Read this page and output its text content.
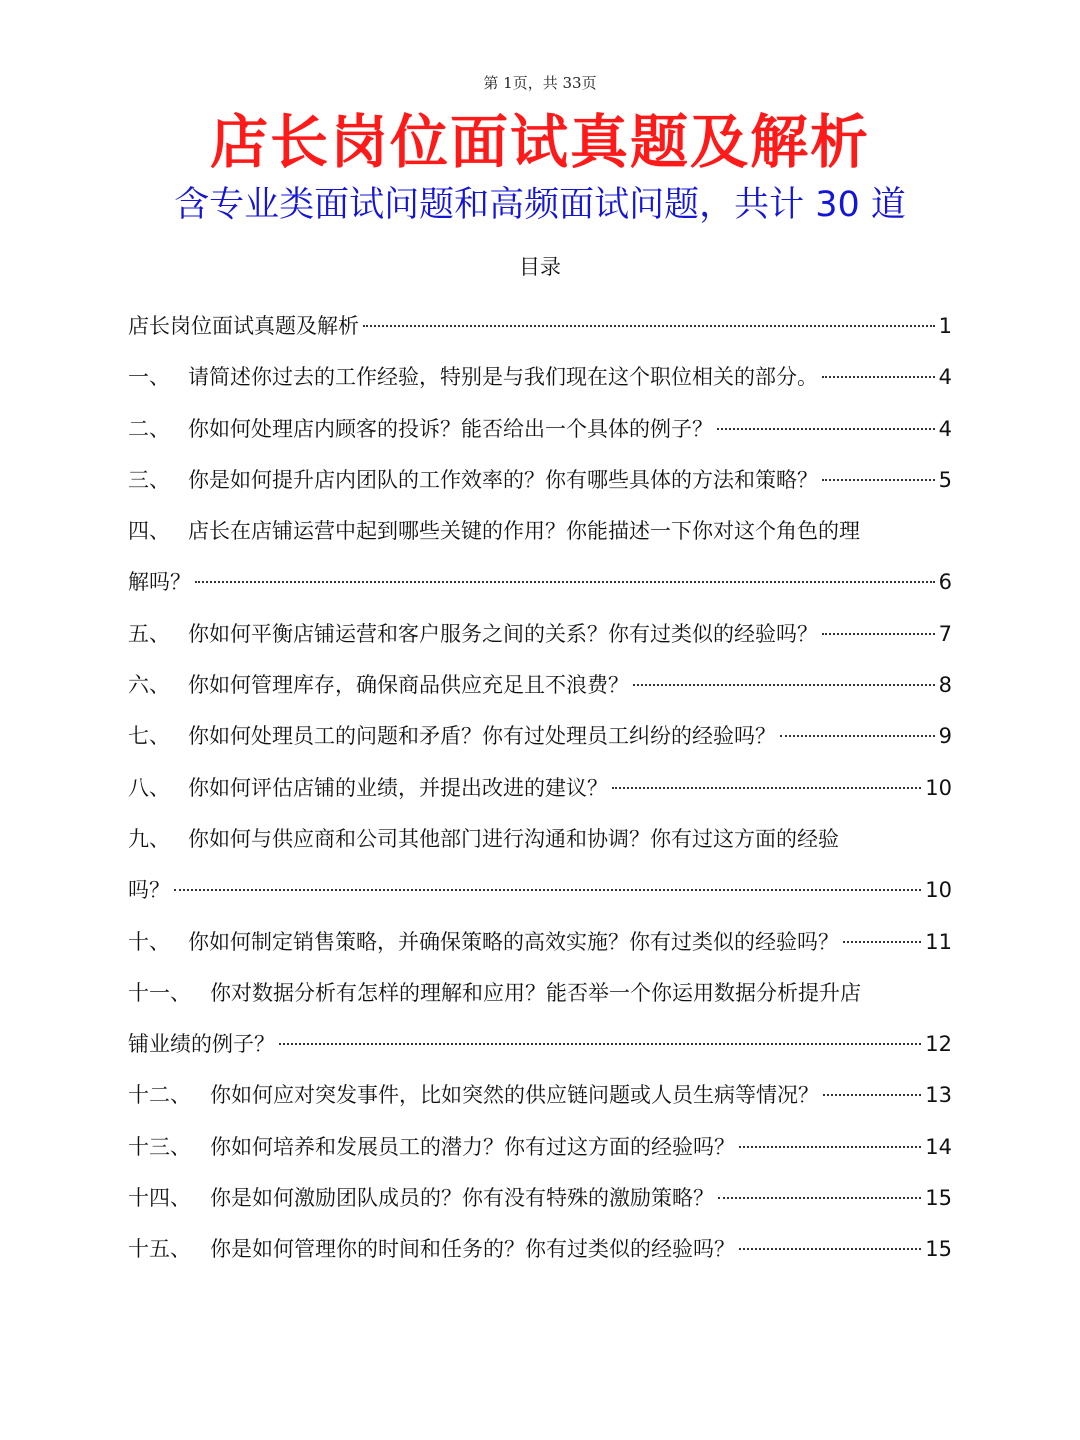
第 1页，共 33页
店长岗位面试真题及解析
含专业类面试问题和高频面试问题，共计 30 道
目录
店长岗位面试真题及解析	1
一、 请简述你过去的工作经验，特别是与我们现在这个职位相关的部分。	4
二、 你如何处理店内顾客的投诉？能否给出一个具体的例子？	4
三、 你是如何提升店内团队的工作效率的？你有哪些具体的方法和策略？	5
四、 店长在店铺运营中起到哪些关键的作用？你能描述一下你对这个角色的理
解吗？	6
五、 你如何平衡店铺运营和客户服务之间的关系？你有过类似的经验吗？	7
六、 你如何管理库存，确保商品供应充足且不浪费？	8
七、 你如何处理员工的问题和矛盾？你有过处理员工纠纷的经验吗？	9
八、 你如何评估店铺的业绩，并提出改进的建议？	10
九、 你如何与供应商和公司其他部门进行沟通和协调？你有过这方面的经验
吗？	10
十、 你如何制定销售策略，并确保策略的高效实施？你有过类似的经验吗？	11
十一、 你对数据分析有怎样的理解和应用？能否举一个你运用数据分析提升店
铺业绩的例子？	12
十二、 你如何应对突发事件，比如突然的供应链问题或人员生病等情况？	13
十三、 你如何培养和发展员工的潜力？你有过这方面的经验吗？	14
十四、 你是如何激励团队成员的？你有没有特殊的激励策略？	15
十五、 你是如何管理你的时间和任务的？你有过类似的经验吗？	15
